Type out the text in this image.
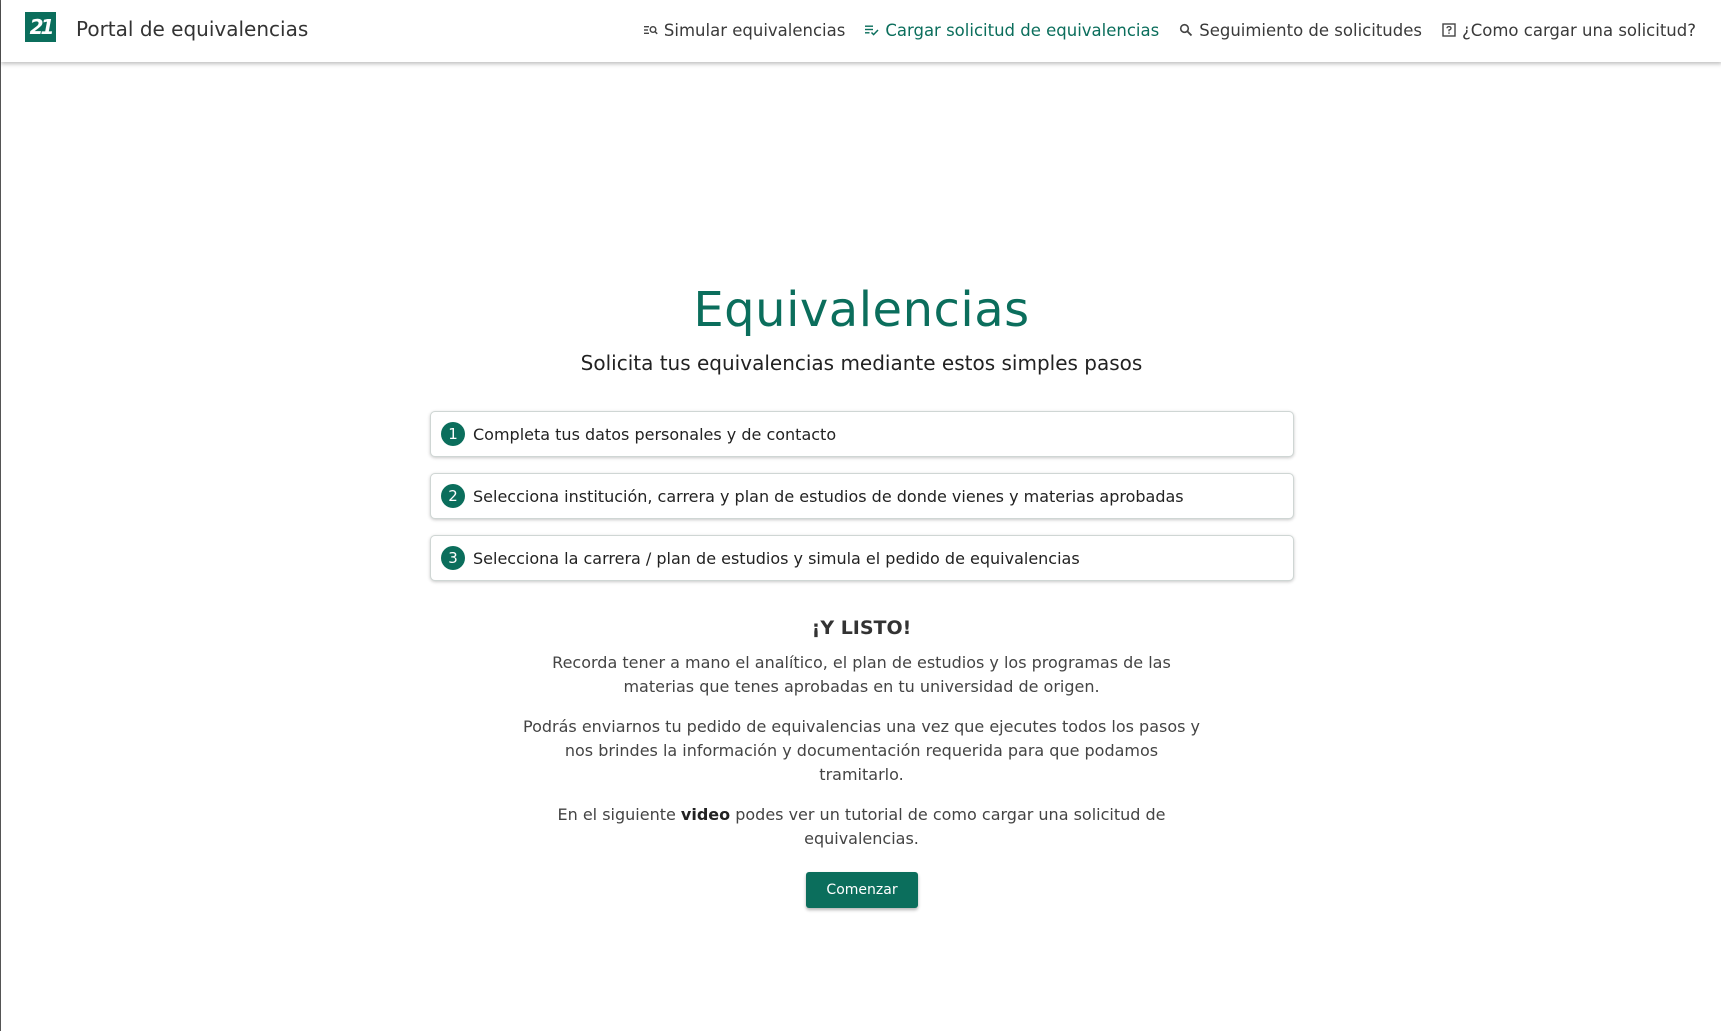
21 Portal de equivalencias	Simular equivalencias Cargar solicitud de equivalencias Seguimiento de solicitudes ¿Como cargar una solicitud?
Equivalencias
Solicita tus equivalencias mediante estos simples pasos
1 Completa tus datos personales y de contacto
2 Selecciona institución, carrera y plan de estudios de donde vienes y materias aprobadas
3 Selecciona la carrera / plan de estudios y simula el pedido de equivalencias
¡Y LISTO!

Recorda tener a mano el analítico, el plan de estudios y los programas de las materias que tenes aprobadas en tu universidad de origen.

Podrás enviarnos tu pedido de equivalencias una vez que ejecutes todos los pasos y nos brindes la información y documentación requerida para que podamos tramitarlo.

En el siguiente video podes ver un tutorial de como cargar una solicitud de equivalencias.

Comenzar
